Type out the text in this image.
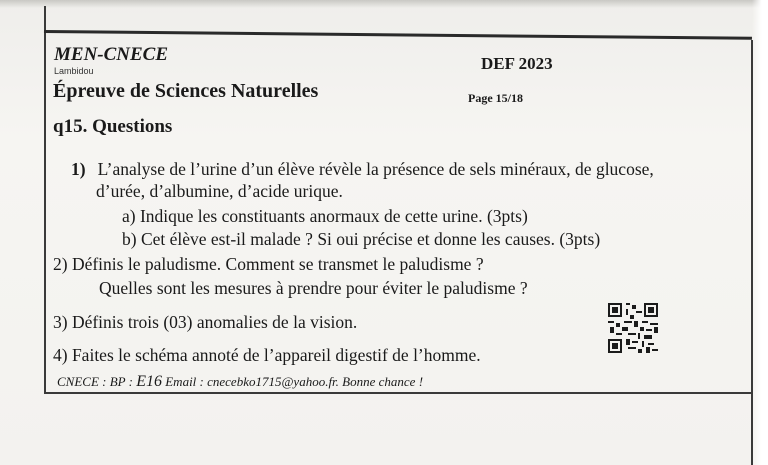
MEN-CNECE
Lambidou	DEF 2023
Épreuve de Sciences Naturelles	Page 15/18
q15. Questions
1) L’analyse de l’urine d’un élève révèle la présence de sels minéraux, de glucose,
d’urée, d’albumine, d’acide urique.
a) Indique les constituants anormaux de cette urine. (3pts)
b) Cet élève est-il malade ? Si oui précise et donne les causes. (3pts)
2) Définis le paludisme. Comment se transmet le paludisme ?
Quelles sont les mesures à prendre pour éviter le paludisme ?
3) Définis trois (03) anomalies de la vision.
4) Faites le schéma annoté de l’appareil digestif de l’homme.
CNECE : BP : E16 Email : cnecebko1715@yahoo.fr. Bonne chance !
